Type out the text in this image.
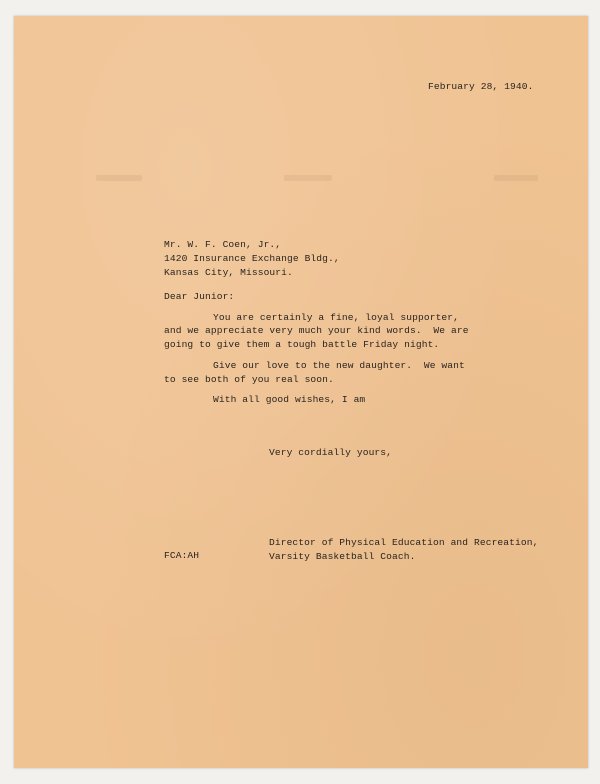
February 28, 1940.
Mr. W. F. Coen, Jr.,
1420 Insurance Exchange Bldg.,
Kansas City, Missouri.
Dear Junior:
You are certainly a fine, loyal supporter,
and we appreciate very much your kind words.  We are
going to give them a tough battle Friday night.
Give our love to the new daughter.  We want
to see both of you real soon.
With all good wishes, I am
Very cordially yours,
Director of Physical Education and Recreation,
FCA:AH	Varsity Basketball Coach.
